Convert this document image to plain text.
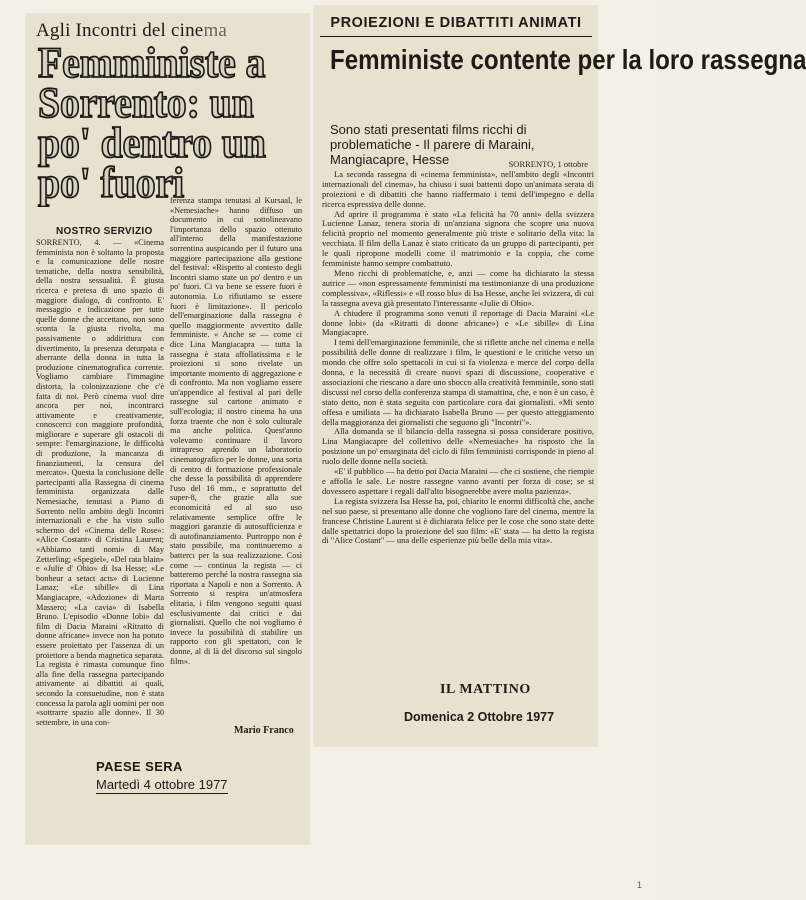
Agli Incontri del cinema
Femministe a Sorrento: un po' dentro un po' fuori
NOSTRO SERVIZIO

SORRENTO, 4. — «Cinema femminista non è soltanto la proposta e la comunicazione delle nostre tematiche, della nostra sensibilità, della nostra sessualità. È giusta ricerca e pretesa di uno spazio di maggiore dialogo, di confronto. E' messaggio e indicazione per tutte quelle donne che accettano, non sono sconta la giusta rivolta, ma passivamente o addirittura con divertimento, la presenza deturpata e aberrante della donna in tutta la produzione cinematografica corrente. Vogliamo cambiare l'immagine distorta, la colonizzazione che c'è fatta di noi. Però cinema vuol dire ancora per noi, incontrarci attivamente e creativamente, conoscerci con maggiore profondità, migliorare e superare gli ostacoli di sempre: l'emarginazione, le difficoltà di produzione, la mancanza di finanziamenti, la censura del mercato». Questa la conclusione delle partecipanti alla Rassegna di cinema femminista organizzata dalle Nemesiache, tenutasi a Piano di Sorrento nello ambito degli Incontri internazionali e che ha visto sullo schermo del «Cinema delle Rose»: «Alice Costant» di Cristina Laurent; «Abbiamo tanti nomi» di May Zetterling; «Spegiel», «Del rata blain» e «Julie d' Ohio» di Isa Hesse; «Le bonheur a setact acts» di Lucienne Lanaz; «Le sibille» di Lina Mangiacapre, «Adozione» di Marta Massero; «La cavia» di Isabella Bruno. L'episodio «Donne lobi» dal film di Dacia Maraini «Ritratto di donne africane» invece non ha potuto essere proiettato per l'assenza di un proiettore a benda magnetica separata. La regista è rimasta comunque fino alla fine della rassegna partecipando attivamente ai dibattiti ai quali, secondo la consuetudine, non è stata concessa la parola agli uomini per non «sottrarre spazio alle donne». Il 30 settembre, in una con-

ferenza stampa tenutasi al Kursaal, le «Nemesiache» hanno diffuso un documento in cui sottolineavano l'importanza dello spazio ottenuto all'interno della manifestazione sorrentina auspicando per il futuro una maggiore partecipazione alla gestione del festival: «Rispetto al contesto degli Incontri siamo state un po' dentro e un po' fuori. Ci va bene se essere fuori è autonomia. Lo rifiutiamo se essere fuori è limitazione». Il pericolo dell'emarginazione dalla rassegna è quello maggiormente avvertito dalle femministe. « Anche se — come ci dice Lina Mangiacapra — tutta la rassegna è stata affollatissima e le proiezioni si sono rivelate un importante momento di aggregazione e di confronto. Ma non vogliamo essere un'appendice al festival al pari delle rassegne sul cartone animato e sull'ecologia; il nostro cinema ha una forza traente che non è solo culturale ma anche politica. Quest'anno volevamo continuare il lavoro intrapreso aprendo un laboratorio cinematografico per le donne, una sorta di centro di formazione professionale che desse la possibilità di apprendere l'uso del 16 mm., e soprattutto del super-8, che grazie alla sue economicità ed al suo uso relativamente semplice offre le maggiori garanzie di autosufficienza e di autofinanziamento. Purtroppo non è stato possibile, ma continueremo a battercı per la sua realizzazione. Così come — continua la regista — ci batteremo perché la nostra rassegna sia riportata a Napoli e non a Sorrento. A Sorrento si respira un'atmosfera elitaria, i film vengono seguiti quasi esclusivamente dai critici e dai giornalisti. Quello che noi vogliamo è invece la possibilità di stabilire un rapporto con gli spettatori, con le donne, al di là del discorso sul singolo film».

Mario Franco
PAESE SERA
Martedì 4 ottobre 1977
PROIEZIONI E DIBATTITI ANIMATI
Femministe contente per la loro rassegna

Sono stati presentati films ricchi di problematiche - Il parere di Maraini, Mangiacapre, Hesse	SORRENTO, 1 ottobre

La seconda rassegna di «cinema femminista», nell'ambito degli «Incontri internazionali del cinema», ha chiuso i suoi battenti dopo un'animata serata di proiezioni e di dibattiti che hanno riaffermato i temi dell'impegno e della ricerca espressiva delle donne.

Ad aprire il programma è stato «La felicità ha 70 anni» della svizzera Lucienne Lanaz, tenera storia di un'anziana signora che scopre una nuova felicità proprio nel momento generalmente più triste e solitario della vita: la vecchiata. Il film della Lanaz è stato criticato da un gruppo di partecipanti, per le quali ripropone modelli come il matrimonio e la coppia, che come femministe hanno sempre combattuto.

Meno ricchi di problematiche, e, anzi — come ha dichiarato la stessa autrice — «non espressamente femministi ma testimonianze di una produzione complessiva», «Riflessi» e «Il rosso blu» di Isa Hesse, anche lei svizzera, di cui la rassegna aveva già presentato l'interessante «Julie di Ohio».

A chiudere il programma sono venuti il reportage di Dacia Maraini «Le donne lobi» (da «Ritratti di donne africane») e «Le sibille» di Lina Mangiacapre.

I temi dell'emarginazione femminile, che si riflette anche nel cinema e nella possibilità delle donne di realizzare i film, le questioni e le critiche verso un mondo che offre solo spettacoli in cui si fa violenza e merce del corpo della donna, e la necessità di creare nuovi spazi di discussione, cooperative e associazioni che riescano a dare uno sbocco alla creatività femminile, sono stati discussi nel corso della conferenza stampa di stamattina, che, e non è un caso, è stato detto, non è stata seguita con particolare cura dai giornalisti. «Mi sento offesa e umiliata — ha dichiarato Isabella Bruno — per questo atteggiamento della maggioranza dei giornalisti che seguono gli "Incontri"».

Alla domanda se il bilancio della rassegna si possa considerare positivo, Lina Mangiacapre del collettivo delle «Nemesiache» ha risposto che la posizione un po' emarginata del ciclo di film femministi corrisponde in pieno al ruolo delle donne nella società.

«E' il pubblico — ha detto poi Dacia Maraini — che ci sostiene, che riempie e affolla le sale. Le nostre rassegne vanno avanti per forza di cose; se si dovessero aspettare i regali dall'alto bisognerebbe avere molta pazienza».

La regista svizzera Isa Hesse ha, poi, chiarito le enormi difficoltà che, anche nel suo paese, si presentano alle donne che vogliono fare del cinema, mentre la francese Christine Laurent si è dichiarata felice per le cose che sono state dette dalle spettatrici dopo la proiezione del suo film: «E' stata — ha detto la regista di "Alice Costant" — una delle esperienze più belle della mia vita».

IL MATTINO
Domenica 2 Ottobre 1977
1
